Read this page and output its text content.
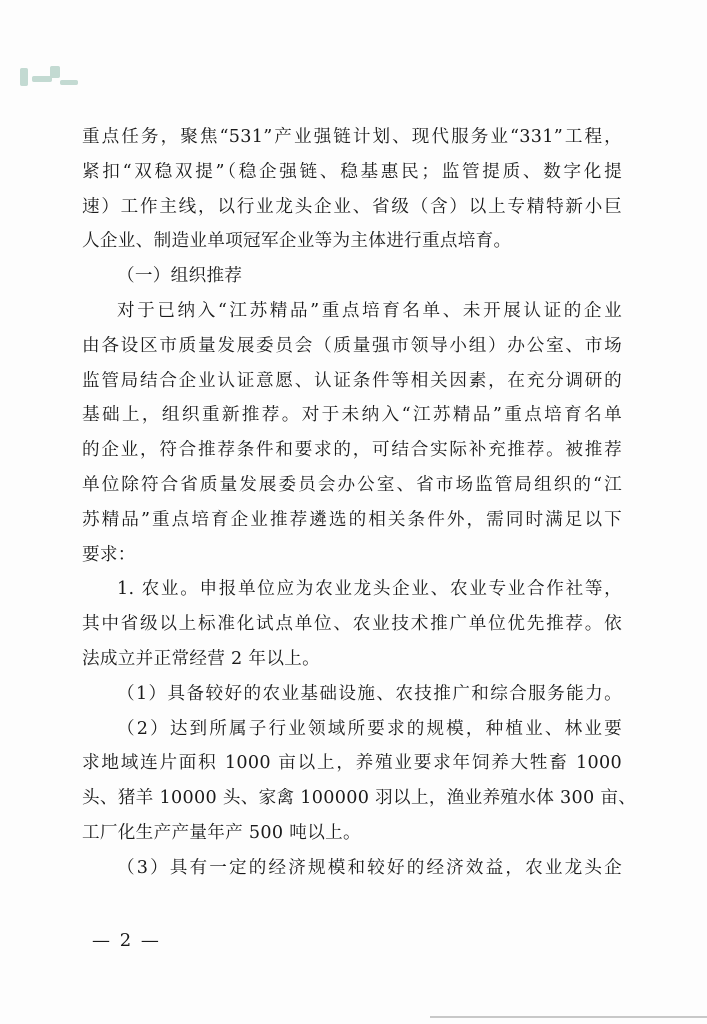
重点任务，聚焦“531”产业强链计划、现代服务业“331”工程，
紧扣“双稳双提”（稳企强链、稳基惠民；监管提质、数字化提
速）工作主线，以行业龙头企业、省级（含）以上专精特新小巨
人企业、制造业单项冠军企业等为主体进行重点培育。
（一）组织推荐
对于已纳入“江苏精品”重点培育名单、未开展认证的企业
由各设区市质量发展委员会（质量强市领导小组）办公室、市场
监管局结合企业认证意愿、认证条件等相关因素，在充分调研的
基础上，组织重新推荐。对于未纳入“江苏精品”重点培育名单
的企业，符合推荐条件和要求的，可结合实际补充推荐。被推荐
单位除符合省质量发展委员会办公室、省市场监管局组织的“江
苏精品”重点培育企业推荐遴选的相关条件外，需同时满足以下
要求：
1. 农业。申报单位应为农业龙头企业、农业专业合作社等，
其中省级以上标准化试点单位、农业技术推广单位优先推荐。依
法成立并正常经营 2 年以上。
（1）具备较好的农业基础设施、农技推广和综合服务能力。
（2）达到所属子行业领域所要求的规模，种植业、林业要
求地域连片面积 1000 亩以上，养殖业要求年饲养大牲畜 1000
头、猪羊 10000 头、家禽 100000 羽以上，渔业养殖水体 300 亩、
工厂化生产产量年产 500 吨以上。
（3）具有一定的经济规模和较好的经济效益，农业龙头企
— 2 —
